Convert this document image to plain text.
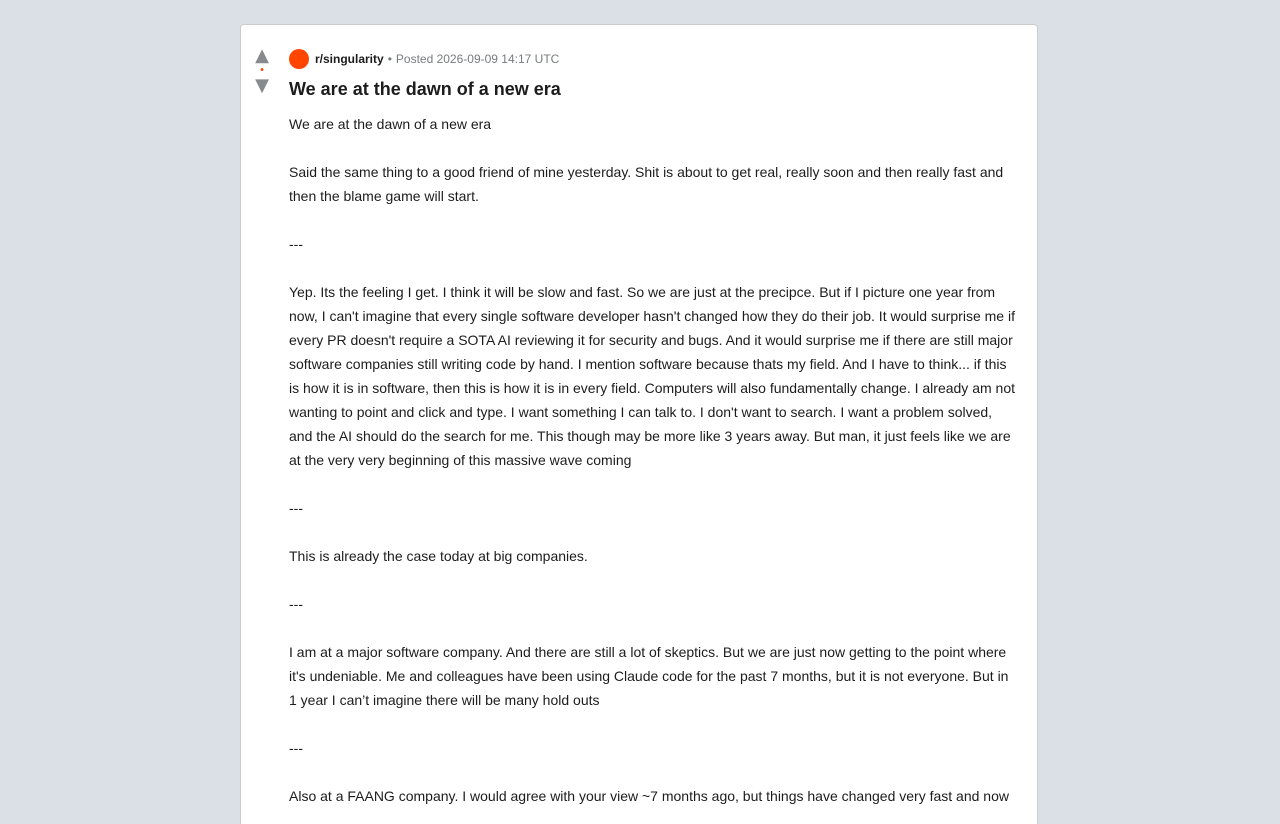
▲
•
▼
r/singularity • Posted 2026-09-09 14:17 UTC
We are at the dawn of a new era

We are at the dawn of a new era

Said the same thing to a good friend of mine yesterday. Shit is about to get real, really soon and then really fast and then the blame game will start.

---

Yep. Its the feeling I get. I think it will be slow and fast. So we are just at the precipce. But if I picture one year from now, I can't imagine that every single software developer hasn't changed how they do their job. It would surprise me if every PR doesn't require a SOTA AI reviewing it for security and bugs. And it would surprise me if there are still major software companies still writing code by hand. I mention software because thats my field. And I have to think... if this is how it is in software, then this is how it is in every field. Computers will also fundamentally change. I already am not wanting to point and click and type. I want something I can talk to. I don't want to search. I want a problem solved, and the AI should do the search for me. This though may be more like 3 years away. But man, it just feels like we are at the very very beginning of this massive wave coming

---

This is already the case today at big companies.

---

I am at a major software company. And there are still a lot of skeptics. But we are just now getting to the point where it's undeniable. Me and colleagues have been using Claude code for the past 7 months, but it is not everyone. But in 1 year I can’t imagine there will be many hold outs

---

Also at a FAANG company. I would agree with your view ~7 months ago, but things have changed very fast and now
